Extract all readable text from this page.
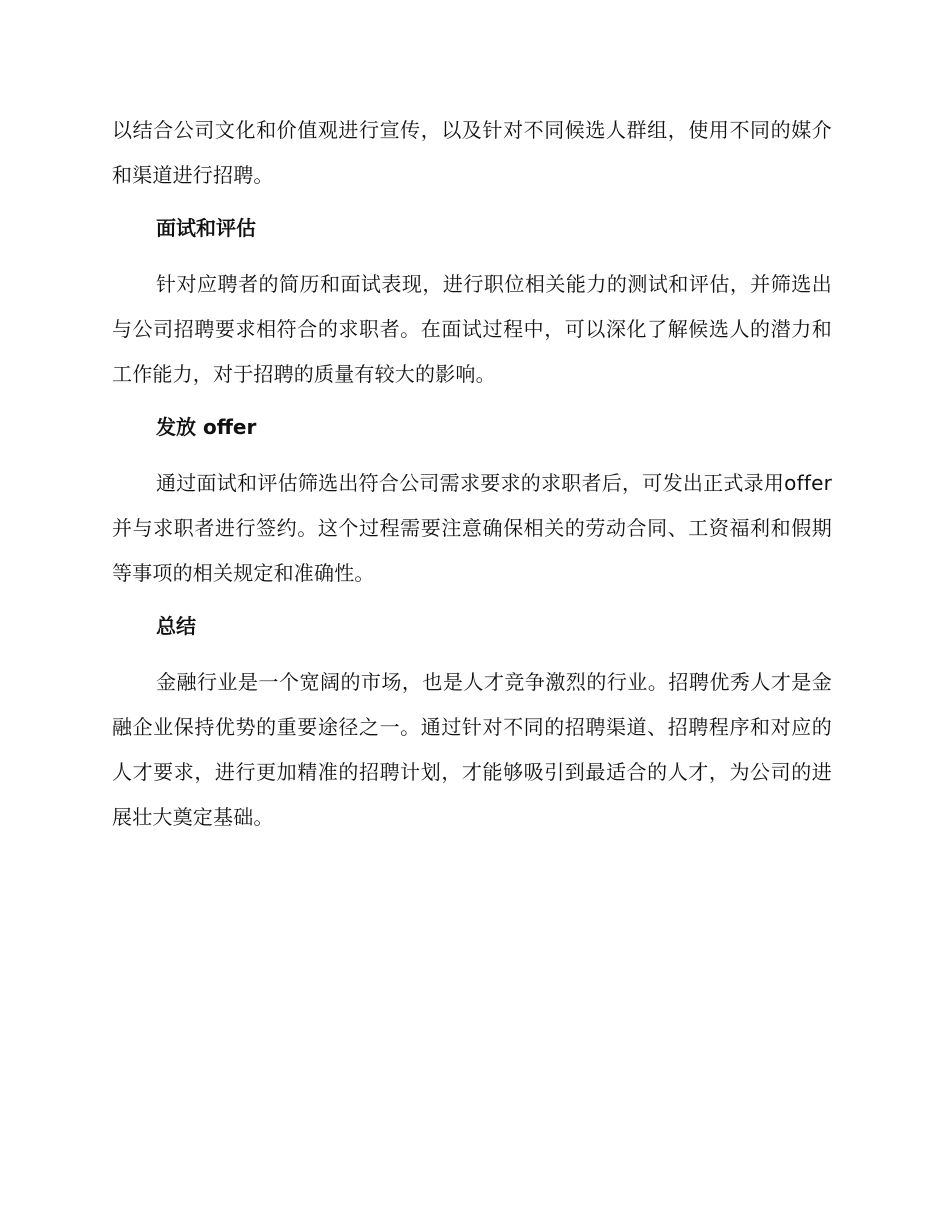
以结合公司文化和价值观进行宣传，以及针对不同候选人群组，使用不同的媒介和渠道进行招聘。

面试和评估

针对应聘者的简历和面试表现，进行职位相关能力的测试和评估，并筛选出与公司招聘要求相符合的求职者。在面试过程中，可以深化了解候选人的潜力和工作能力，对于招聘的质量有较大的影响。

发放 offer

通过面试和评估筛选出符合公司需求要求的求职者后，可发出正式录用offer 并与求职者进行签约。这个过程需要注意确保相关的劳动合同、工资福利和假期等事项的相关规定和准确性。

总结

金融行业是一个宽阔的市场，也是人才竞争激烈的行业。招聘优秀人才是金融企业保持优势的重要途径之一。通过针对不同的招聘渠道、招聘程序和对应的人才要求，进行更加精准的招聘计划，才能够吸引到最适合的人才，为公司的进展壮大奠定基础。
